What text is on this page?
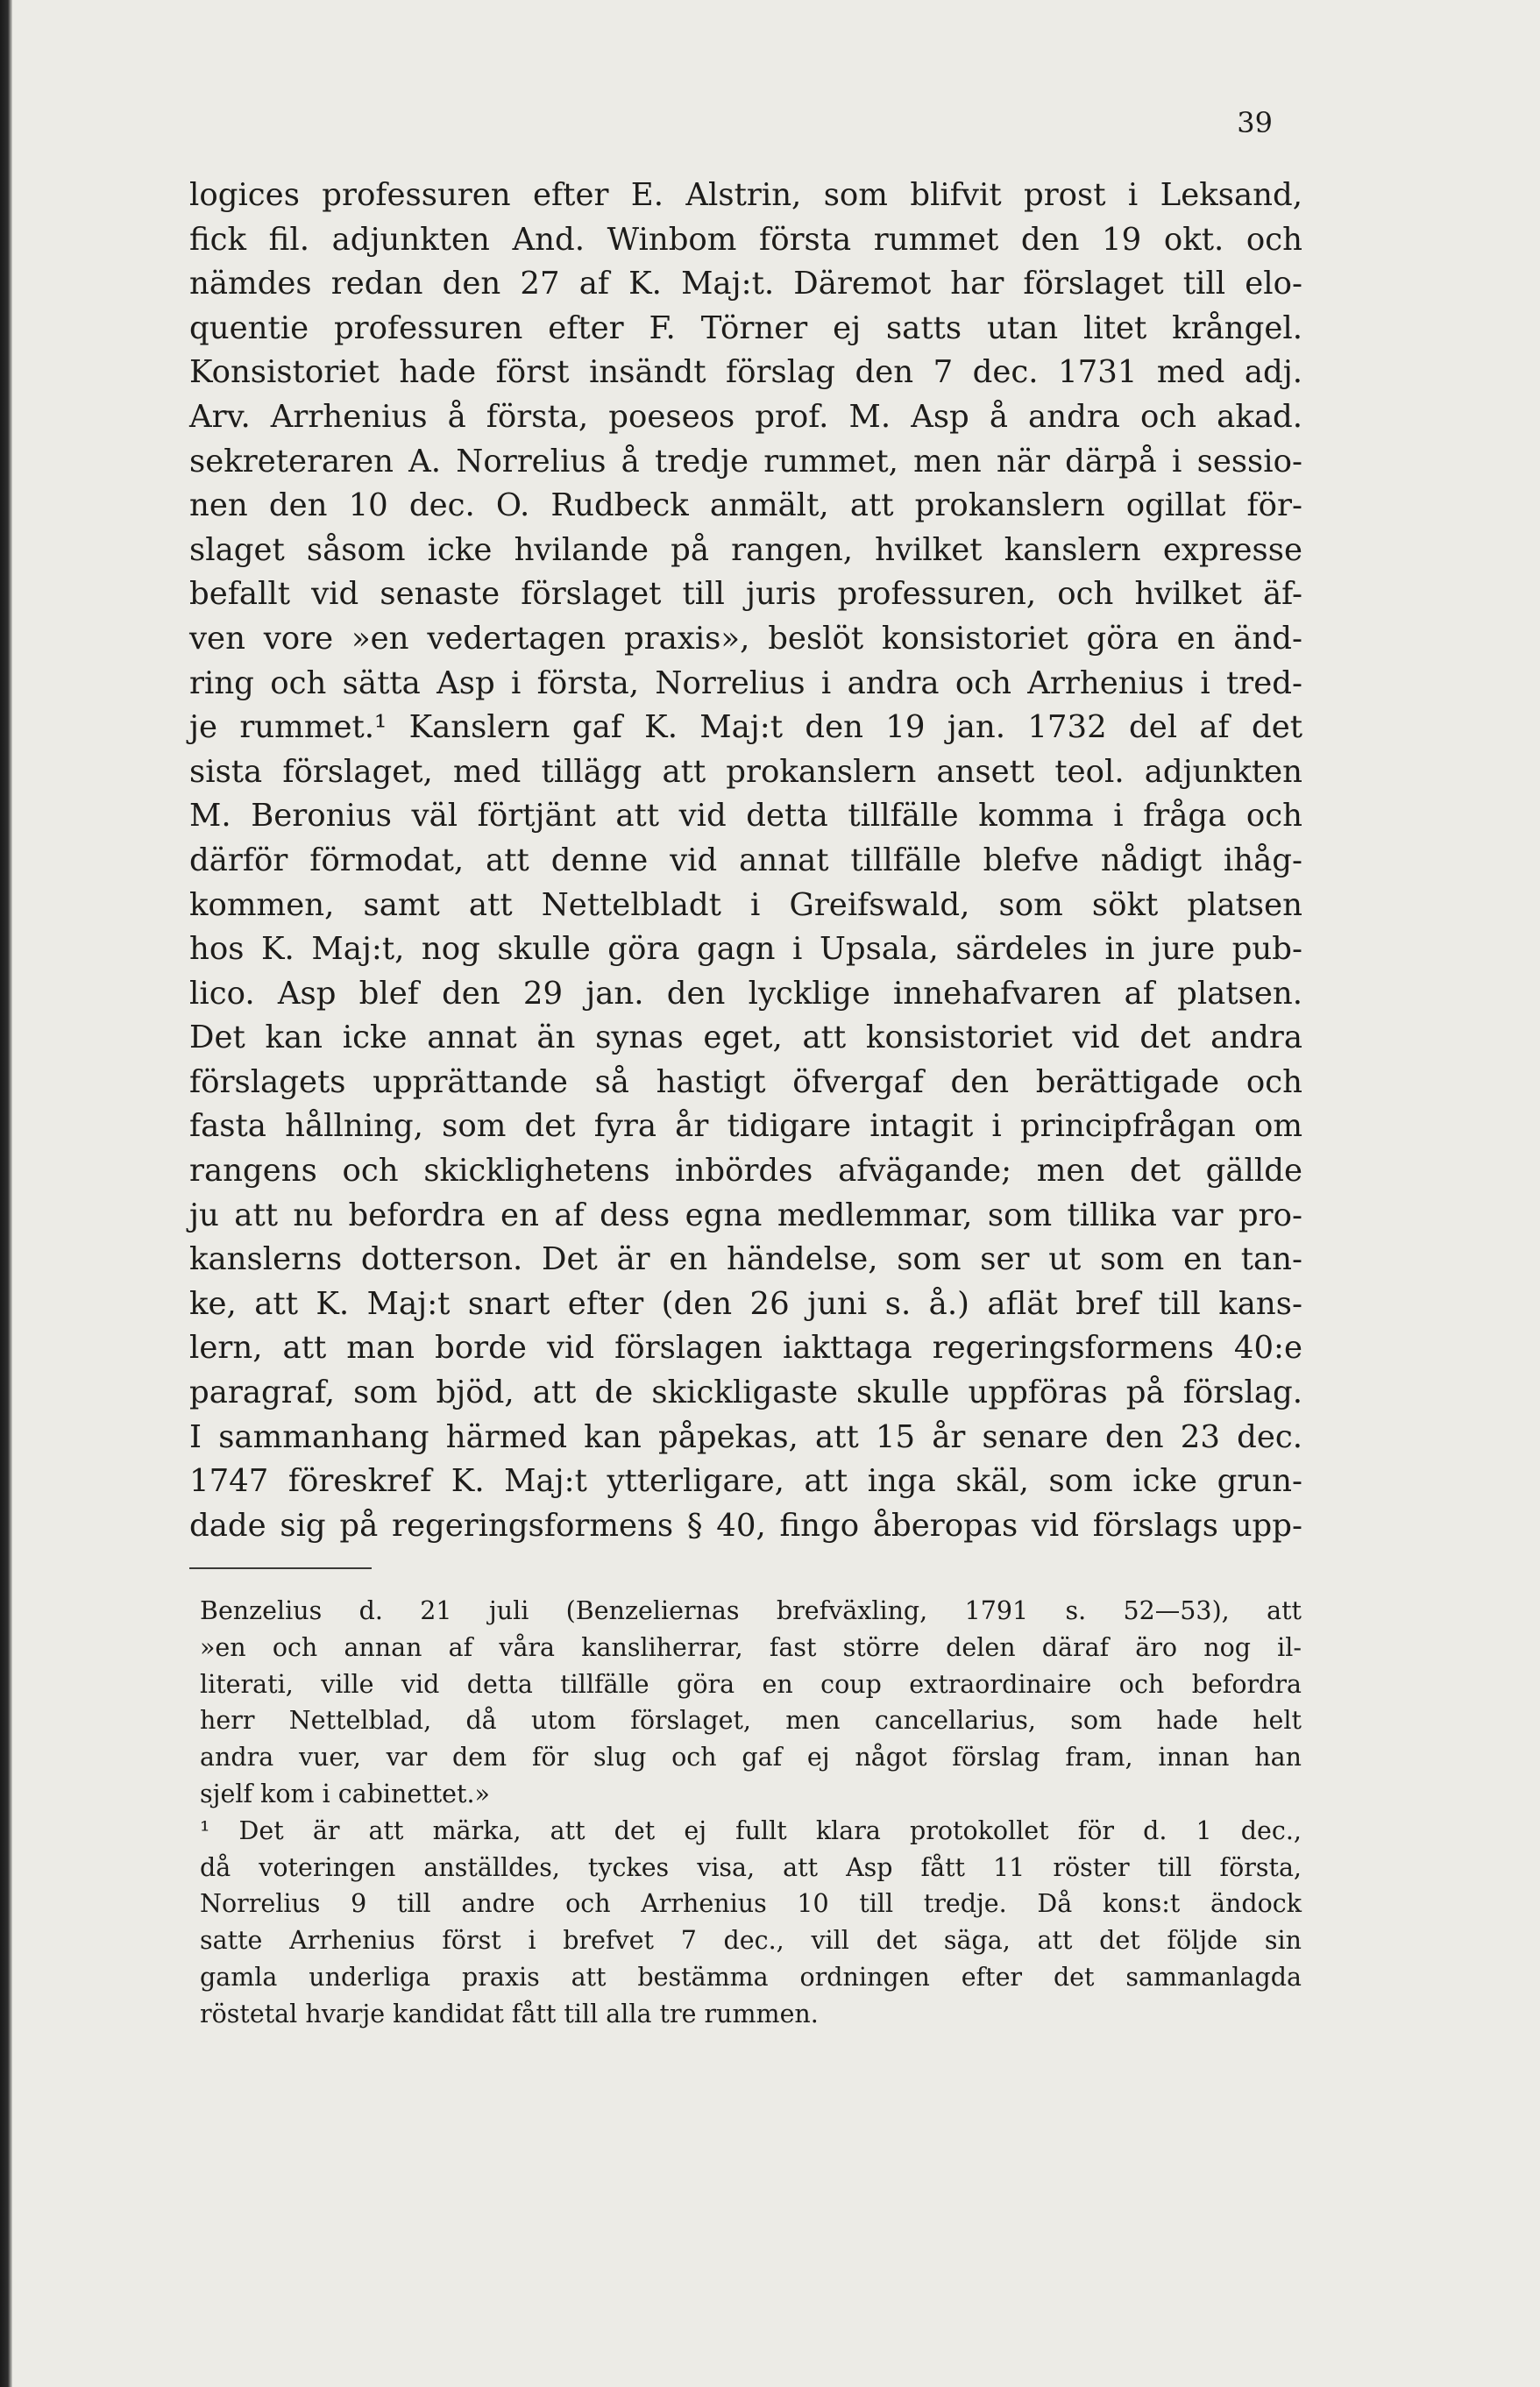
39
logices professuren efter E. Alstrin, som blifvit prost i Leksand,
fick fil. adjunkten And. Winbom första rummet den 19 okt. och
nämdes redan den 27 af K. Maj:t. Däremot har förslaget till elo-
quentie professuren efter F. Törner ej satts utan litet krångel.
Konsistoriet hade först insändt förslag den 7 dec. 1731 med adj.
Arv. Arrhenius å första, poeseos prof. M. Asp å andra och akad.
sekreteraren A. Norrelius å tredje rummet, men när därpå i sessio-
nen den 10 dec. O. Rudbeck anmält, att prokanslern ogillat för-
slaget såsom icke hvilande på rangen, hvilket kanslern expresse
befallt vid senaste förslaget till juris professuren, och hvilket äf-
ven vore »en vedertagen praxis», beslöt konsistoriet göra en änd-
ring och sätta Asp i första, Norrelius i andra och Arrhenius i tred-
je rummet.¹ Kanslern gaf K. Maj:t den 19 jan. 1732 del af det
sista förslaget, med tillägg att prokanslern ansett teol. adjunkten
M. Beronius väl förtjänt att vid detta tillfälle komma i fråga och
därför förmodat, att denne vid annat tillfälle blefve nådigt ihåg-
kommen, samt att Nettelbladt i Greifswald, som sökt platsen
hos K. Maj:t, nog skulle göra gagn i Upsala, särdeles in jure pub-
lico. Asp blef den 29 jan. den lycklige innehafvaren af platsen.
Det kan icke annat än synas eget, att konsistoriet vid det andra
förslagets upprättande så hastigt öfvergaf den berättigade och
fasta hållning, som det fyra år tidigare intagit i principfrågan om
rangens och skicklighetens inbördes afvägande; men det gällde
ju att nu befordra en af dess egna medlemmar, som tillika var pro-
kanslerns dotterson. Det är en händelse, som ser ut som en tan-
ke, att K. Maj:t snart efter (den 26 juni s. å.) aflät bref till kans-
lern, att man borde vid förslagen iakttaga regeringsformens 40:e
paragraf, som bjöd, att de skickligaste skulle uppföras på förslag.
I sammanhang härmed kan påpekas, att 15 år senare den 23 dec.
1747 föreskref K. Maj:t ytterligare, att inga skäl, som icke grun-
dade sig på regeringsformens § 40, fingo åberopas vid förslags upp-
Benzelius d. 21 juli (Benzeliernas brefväxling, 1791 s. 52—53), att
»en och annan af våra kansliherrar, fast större delen däraf äro nog il-
literati, ville vid detta tillfälle göra en coup extraordinaire och befordra
herr Nettelblad, då utom förslaget, men cancellarius, som hade helt
andra vuer, var dem för slug och gaf ej något förslag fram, innan han
sjelf kom i cabinettet.»
¹ Det är att märka, att det ej fullt klara protokollet för d. 1 dec.,
då voteringen anställdes, tyckes visa, att Asp fått 11 röster till första,
Norrelius 9 till andre och Arrhenius 10 till tredje. Då kons:t ändock
satte Arrhenius först i brefvet 7 dec., vill det säga, att det följde sin
gamla underliga praxis att bestämma ordningen efter det sammanlagda
röstetal hvarje kandidat fått till alla tre rummen.
